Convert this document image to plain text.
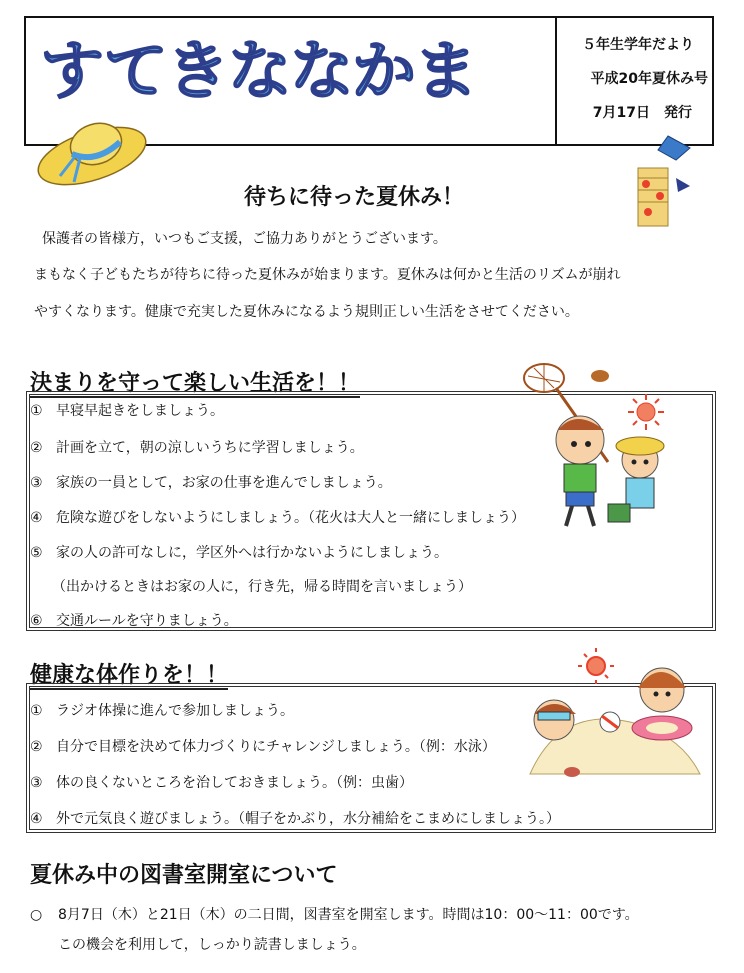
すてきななかま	５年生学年だより
平成20年夏休み号
7月17日　発行
待ちに待った夏休み！
保護者の皆様方，いつもご支援，ご協力ありがとうございます。
まもなく子どもたちが待ちに待った夏休みが始まります。夏休みは何かと生活のリズムが崩れ
やすくなります。健康で充実した夏休みになるよう規則正しい生活をさせてください。
決まりを守って楽しい生活を！！
① 早寝早起きをしましょう。
② 計画を立て，朝の涼しいうちに学習しましょう。
③ 家族の一員として，お家の仕事を進んでしましょう。
④ 危険な遊びをしないようにしましょう。（花火は大人と一緒にしましょう）
⑤ 家の人の許可なしに，学区外へは行かないようにしましょう。
（出かけるときはお家の人に，行き先，帰る時間を言いましょう）
⑥ 交通ルールを守りましょう。
健康な体作りを！！
① ラジオ体操に進んで参加しましょう。
② 自分で目標を決めて体力づくりにチャレンジしましょう。（例：水泳）
③ 体の良くないところを治しておきましょう。（例：虫歯）
④ 外で元気良く遊びましょう。（帽子をかぶり，水分補給をこまめにしましょう。）
夏休み中の図書室開室について
○ 8月7日（木）と21日（木）の二日間，図書室を開室します。時間は10：00～11：00です。
この機会を利用して，しっかり読書しましょう。
